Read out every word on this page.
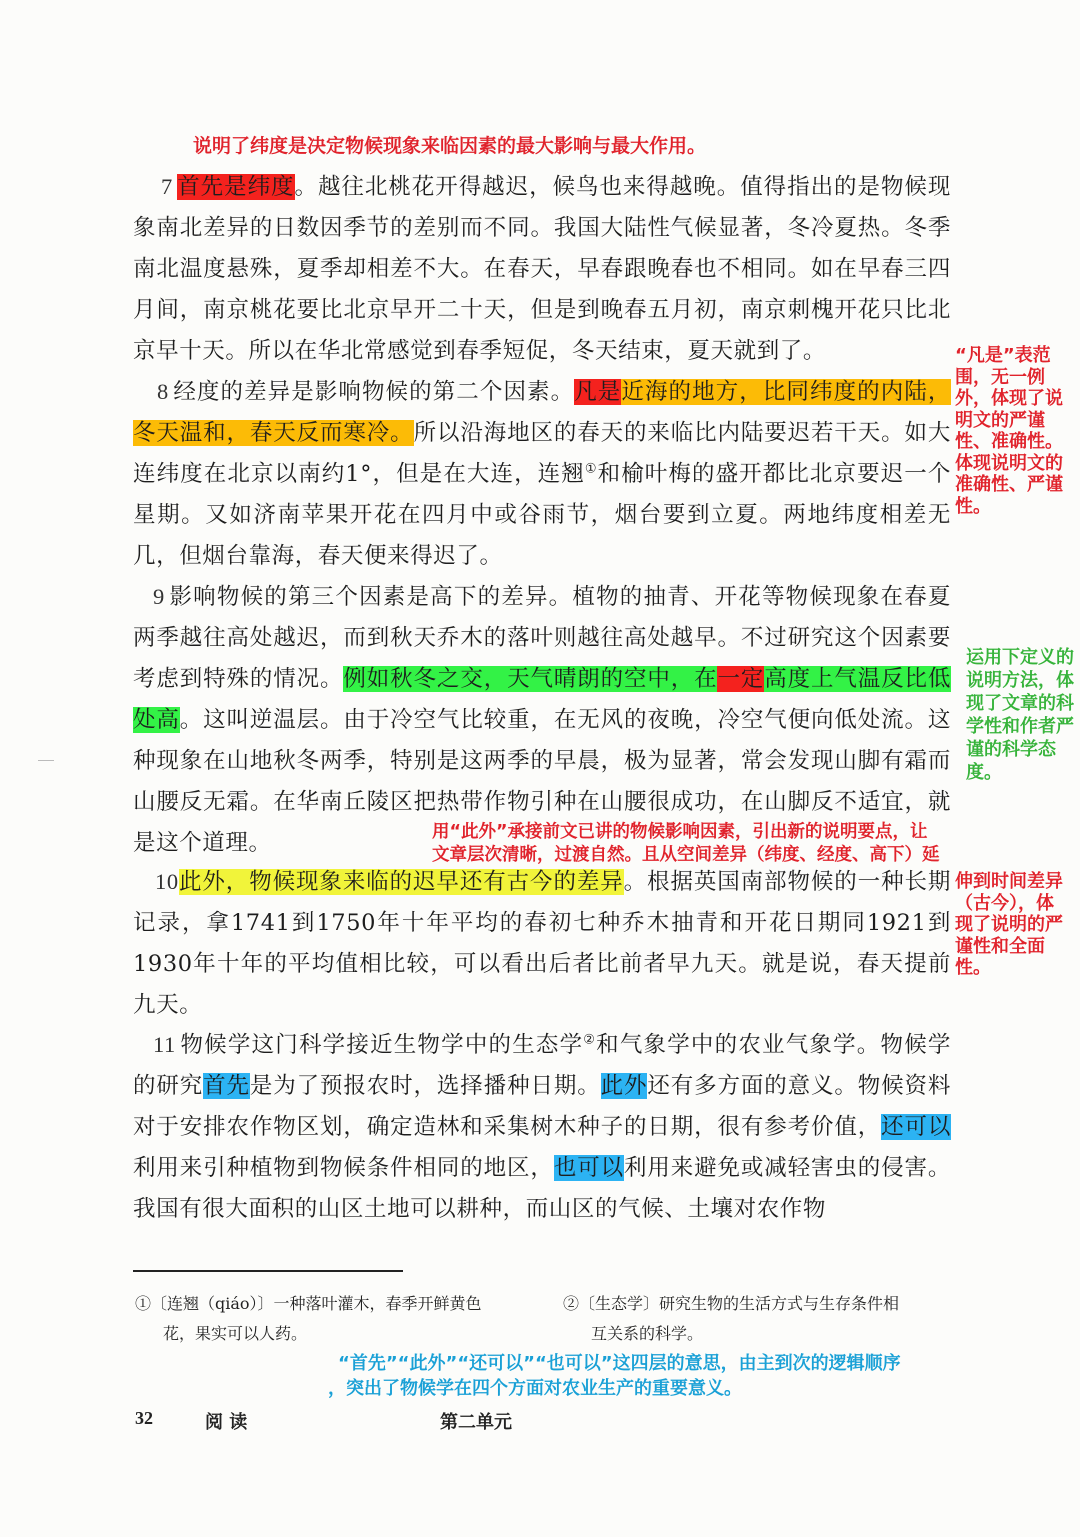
说明了纬度是决定物候现象来临因素的最大影响与最大作用。
7 首先是纬度。越往北桃花开得越迟，候鸟也来得越晚。值得指出的是物候现象南北差异的日数因季节的差别而不同。我国大陆性气候显著，冬冷夏热。冬季南北温度悬殊，夏季却相差不大。在春天，早春跟晚春也不相同。如在早春三四月间，南京桃花要比北京早开二十天，但是到晚春五月初，南京刺槐开花只比北京早十天。所以在华北常感觉到春季短促，冬天结束，夏天就到了。
8 经度的差异是影响物候的第二个因素。凡是近海的地方，比同纬度的内陆，冬天温和，春天反而寒冷。所以沿海地区的春天的来临比内陆要迟若干天。如大连纬度在北京以南约1°，但是在大连，连翘①和榆叶梅的盛开都比北京要迟一个星期。又如济南苹果开花在四月中或谷雨节，烟台要到立夏。两地纬度相差无几，但烟台靠海，春天便来得迟了。
9 影响物候的第三个因素是高下的差异。植物的抽青、开花等物候现象在春夏两季越往高处越迟，而到秋天乔木的落叶则越往高处越早。不过研究这个因素要考虑到特殊的情况。例如秋冬之交，天气晴朗的空中，在一定高度上气温反比低处高。这叫逆温层。由于冷空气比较重，在无风的夜晚，冷空气便向低处流。这种现象在山地秋冬两季，特别是这两季的早晨，极为显著，常会发现山脚有霜而山腰反无霜。在华南丘陵区把热带作物引种在山腰很成功，在山脚反不适宜，就是这个道理。
10此外，物候现象来临的迟早还有古今的差异。根据英国南部物候的一种长期记录，拿1741到1750年十年平均的春初七种乔木抽青和开花日期同1921到1930年十年的平均值相比较，可以看出后者比前者早九天。就是说，春天提前九天。
11 物候学这门科学接近生物学中的生态学②和气象学中的农业气象学。物候学的研究首先是为了预报农时，选择播种日期。此外还有多方面的意义。物候资料对于安排农作物区划，确定造林和采集树木种子的日期，很有参考价值，还可以利用来引种植物到物候条件相同的地区，也可以利用来避免或减轻害虫的侵害。我国有很大面积的山区土地可以耕种，而山区的气候、土壤对农作物
“凡是”表范围，无一例外，体现了说明文的严谨性、准确性。体现说明文的准确性、严谨性。
运用下定义的说明方法，体现了文章的科学性和作者严谨的科学态度。
用“此外”承接前文已讲的物候影响因素，引出新的说明要点，让
文章层次清晰，过渡自然。且从空间差异（纬度、经度、高下）延
伸到时间差异（古今），体现了说明的严谨性和全面性。
①〔连翘（qiáo）〕一种落叶灌木，春季开鲜黄色
花，果实可以人药。
②〔生态学〕研究生物的生活方式与生存条件相
互关系的科学。
“首先”“此外”“还可以”“也可以”这四层的意思，由主到次的逻辑顺序
，突出了物候学在四个方面对农业生产的重要意义。
32	阅 读	第二单元
